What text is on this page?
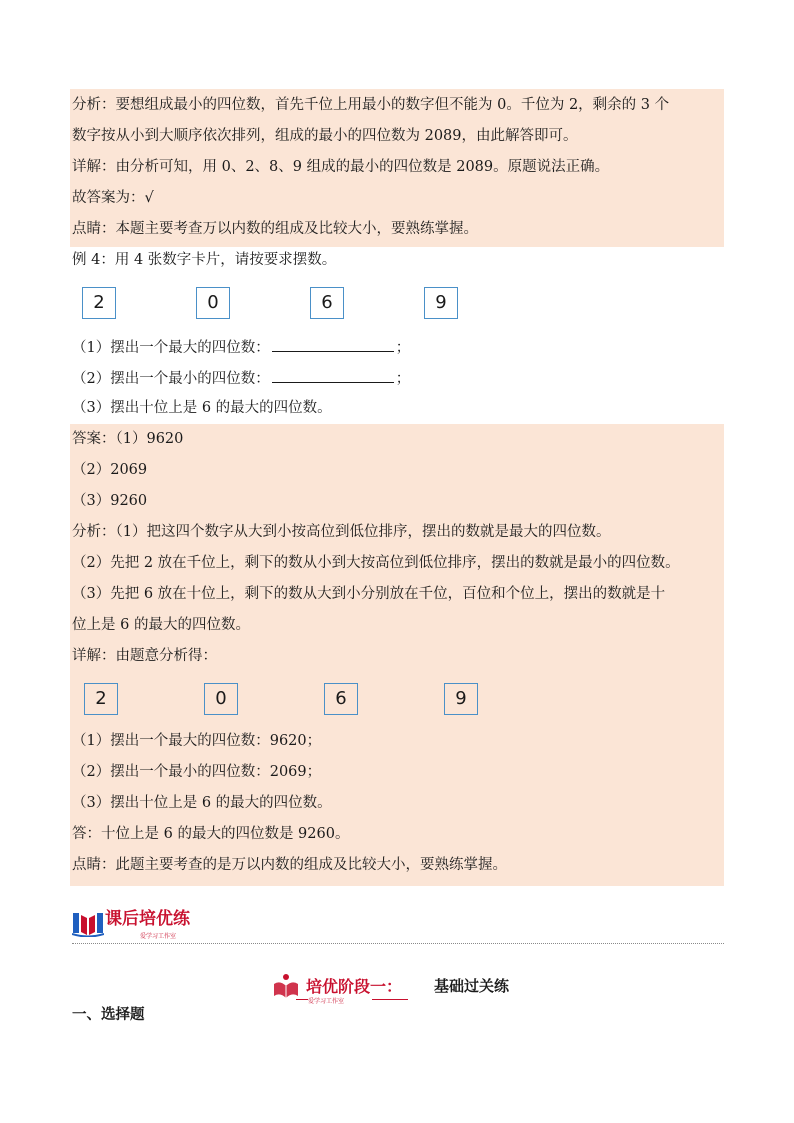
分析：要想组成最小的四位数，首先千位上用最小的数字但不能为 0。千位为 2，剩余的 3 个
数字按从小到大顺序依次排列，组成的最小的四位数为 2089，由此解答即可。
详解：由分析可知，用 0、2、8、9 组成的最小的四位数是 2089。原题说法正确。
故答案为：√
点睛：本题主要考查万以内数的组成及比较大小，要熟练掌握。
例 4：用 4 张数字卡片，请按要求摆数。
2	0	6	9
（1）摆出一个最大的四位数：	；
（2）摆出一个最小的四位数：	；
（3）摆出十位上是 6 的最大的四位数。
答案：（1）9620
（2）2069
（3）9260
分析：（1）把这四个数字从大到小按高位到低位排序，摆出的数就是最大的四位数。
（2）先把 2 放在千位上，剩下的数从小到大按高位到低位排序，摆出的数就是最小的四位数。
（3）先把 6 放在十位上，剩下的数从大到小分别放在千位，百位和个位上，摆出的数就是十
位上是 6 的最大的四位数。
详解：由题意分析得：
2	0	6	9
（1）摆出一个最大的四位数：9620；
（2）摆出一个最小的四位数：2069；
（3）摆出十位上是 6 的最大的四位数。
答：十位上是 6 的最大的四位数是 9260。
点睛：此题主要考查的是万以内数的组成及比较大小，要熟练掌握。
课后培优练
爱学习工作室
培优阶段一： 基础过关练
爱学习工作室
一、选择题
